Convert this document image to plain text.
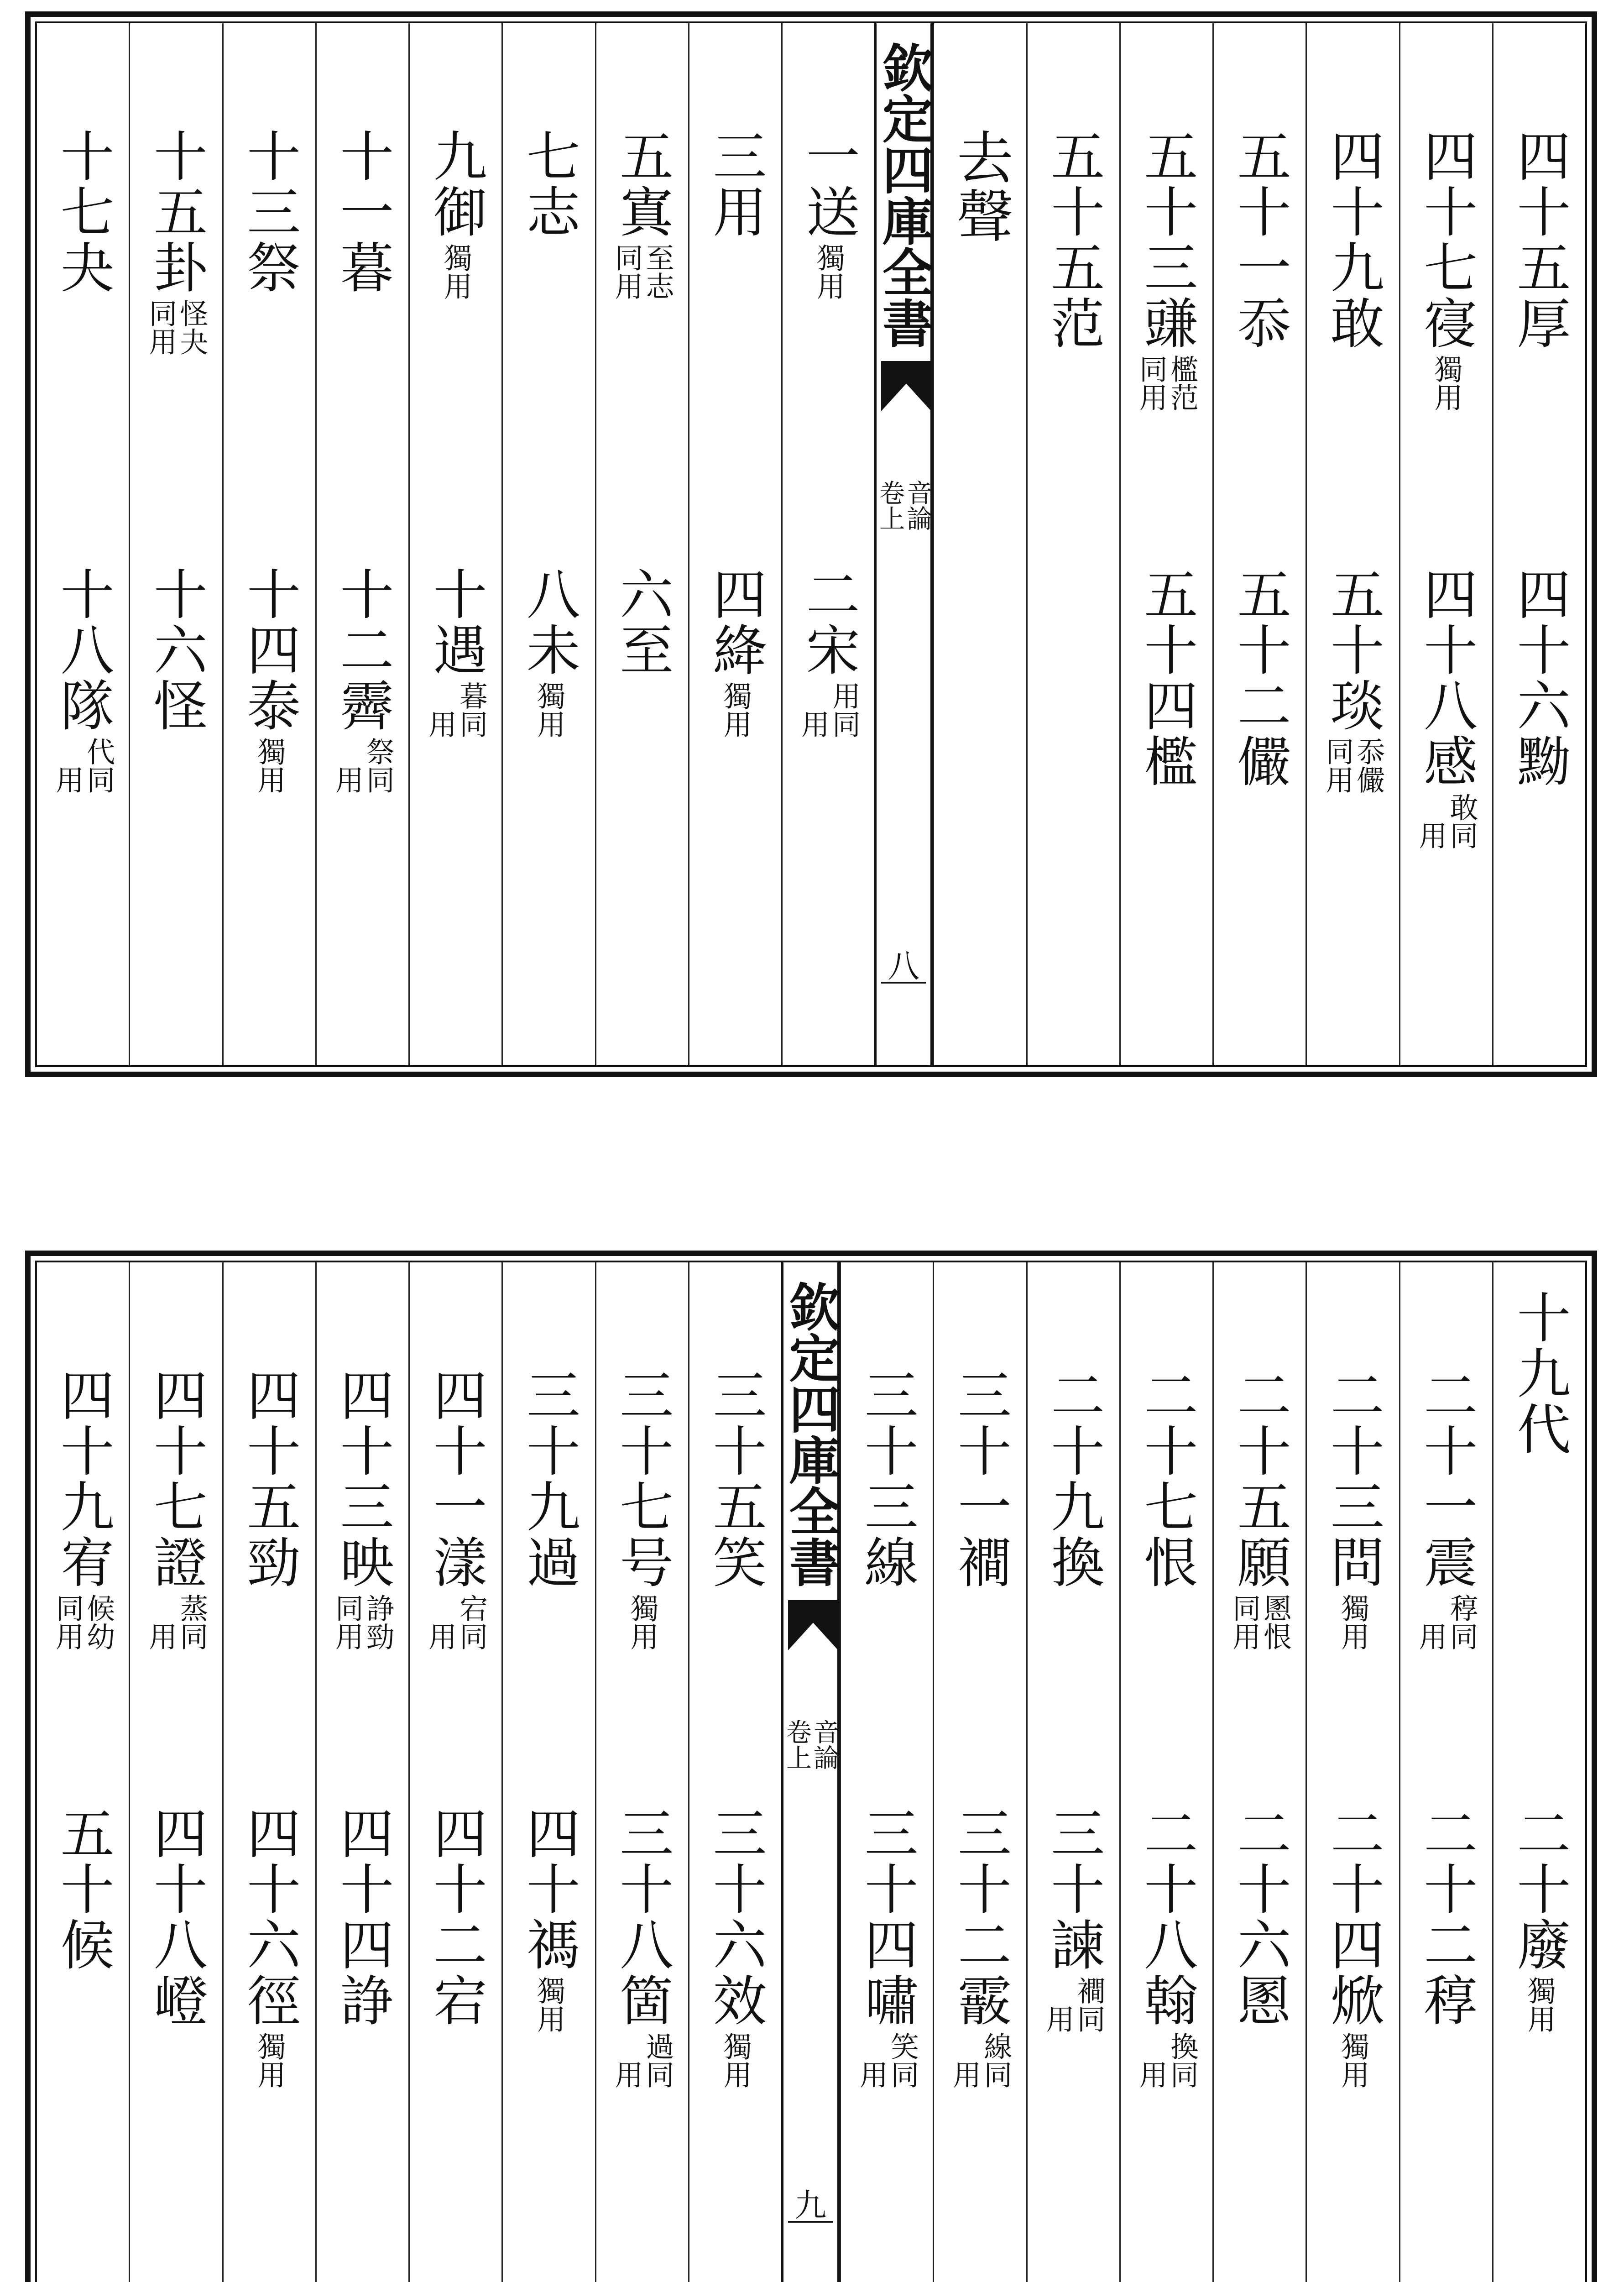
四十五厚
四十六黝
四十七寑
獨
用
四十八感
敢
同
用
四十九敢
五十琰
忝
儼
同
用
五十一忝
五十二儼
五十三豏
檻
范
同
用
五十四檻
五十五范
去聲
欽定四庫全書
音論
卷上
八
一送
獨
用
二宋
用
同
用
三用
四絳
獨
用
五寘
至
志
同
用
六至
七志
八未
獨
用
九御
獨
用
十遇
暮
同
用
十一暮
十二霽
祭
同
用
十三祭
十四泰
獨
用
十五卦
怪
夬
同
用
十六怪
十七夬
十八隊
代
同
用
十九代
二十廢
獨
用
二十一震
稕
同
用
二十二稕
二十三問
獨
用
二十四焮
獨
用
二十五願
慁
恨
同
用
二十六慁
二十七恨
二十八翰
換
同
用
二十九換
三十諫
襇
同
用
三十一襇
三十二霰
線
同
用
三十三線
三十四嘯
笑
同
用
欽定四庫全書
音論
卷上
九
三十五笑
三十六效
獨
用
三十七号
獨
用
三十八箇
過
同
用
三十九過
四十禡
獨
用
四十一漾
宕
同
用
四十二宕
四十三映
諍
勁
同
用
四十四諍
四十五勁
四十六徑
獨
用
四十七證
蒸
同
用
四十八嶝
四十九宥
候
幼
同
用
五十候
